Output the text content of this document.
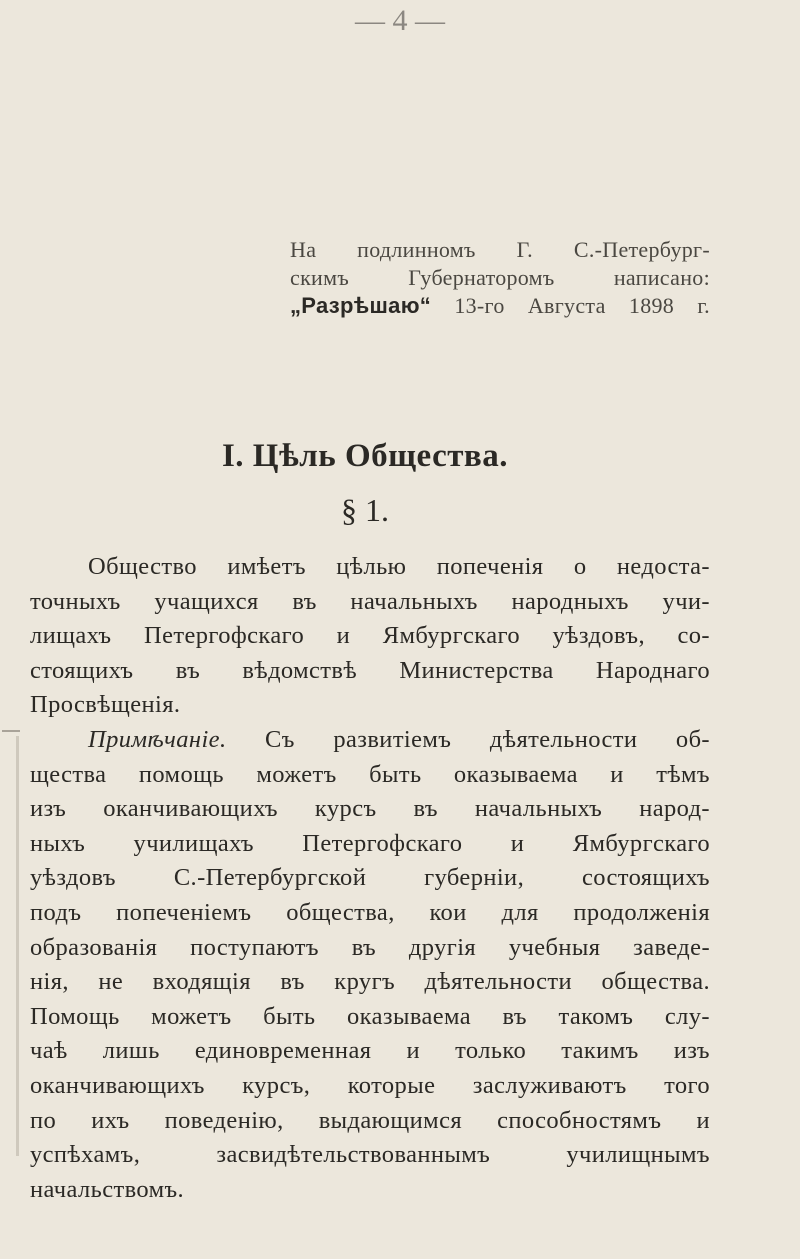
— 4 —
На подлинномъ Г. С.-Петербург-
скимъ Губернаторомъ написано:
„Разрѣшаю“ 13-го Августа 1898 г.
I. Цѣль Общества.
§ 1.
Общество имѣетъ цѣлью попеченія о недоста-
точныхъ учащихся въ начальныхъ народныхъ учи-
лищахъ Петергофскаго и Ямбургскаго уѣздовъ, со-
стоящихъ въ вѣдомствѣ Министерства Народнаго
Просвѣщенія.
Примѣчаніе. Съ развитіемъ дѣятельности об-
щества помощь можетъ быть оказываема и тѣмъ
изъ оканчивающихъ курсъ въ начальныхъ народ-
ныхъ училищахъ Петергофскаго и Ямбургскаго
уѣздовъ С.-Петербургской губерніи, состоящихъ
подъ попеченіемъ общества, кои для продолженія
образованія поступаютъ въ другія учебныя заведе-
нія, не входящія въ кругъ дѣятельности общества.
Помощь можетъ быть оказываема въ такомъ слу-
чаѣ лишь единовременная и только такимъ изъ
оканчивающихъ курсъ, которые заслуживаютъ того
по ихъ поведенію, выдающимся способностямъ и
успѣхамъ, засвидѣтельствованнымъ училищнымъ
начальствомъ.
